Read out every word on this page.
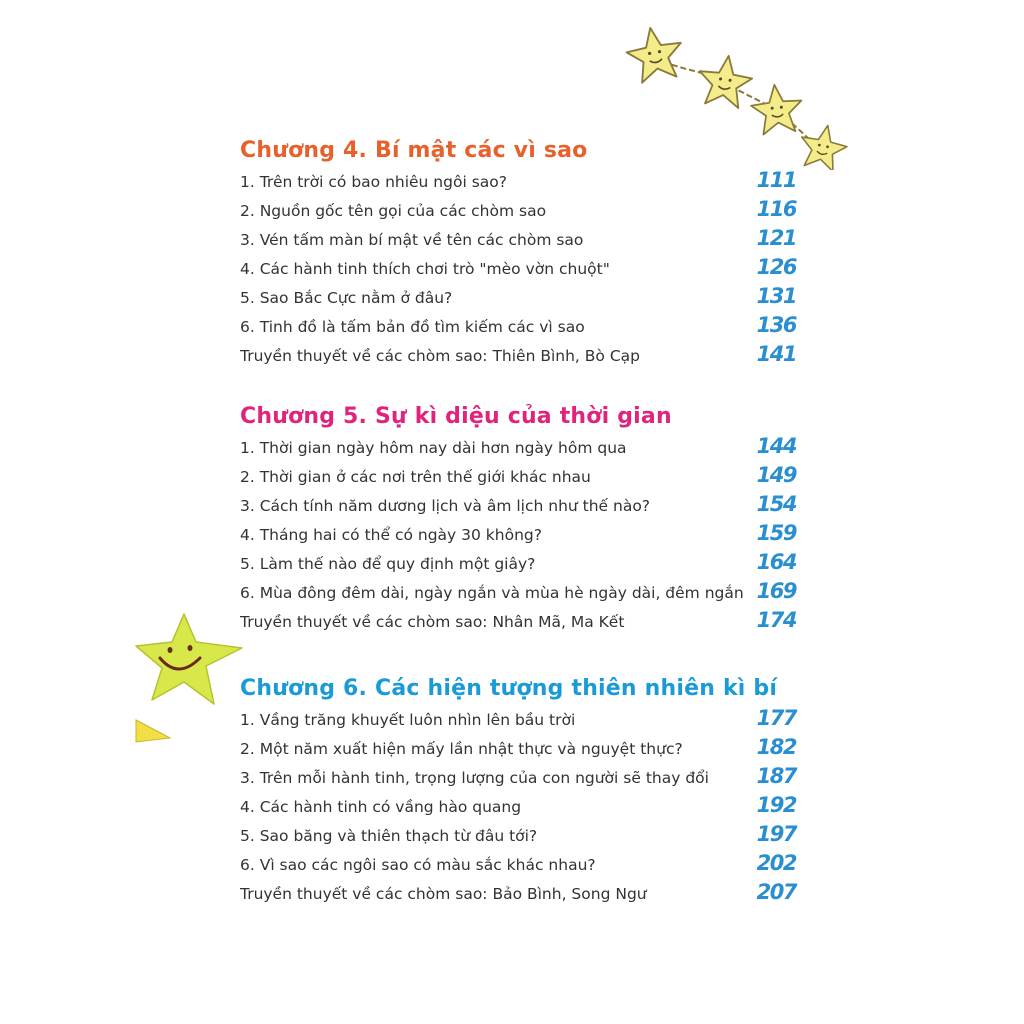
Chương 4. Bí mật các vì sao
1. Trên trời có bao nhiêu ngôi sao?	111
2. Nguồn gốc tên gọi của các chòm sao	116
3. Vén tấm màn bí mật về tên các chòm sao	121
4. Các hành tinh thích chơi trò "mèo vờn chuột"	126
5. Sao Bắc Cực nằm ở đâu?	131
6. Tinh đồ là tấm bản đồ tìm kiếm các vì sao	136
Truyền thuyết về các chòm sao: Thiên Bình, Bò Cạp	141
Chương 5. Sự kì diệu của thời gian
1. Thời gian ngày hôm nay dài hơn ngày hôm qua	144
2. Thời gian ở các nơi trên thế giới khác nhau	149
3. Cách tính năm dương lịch và âm lịch như thế nào?	154
4. Tháng hai có thể có ngày 30 không?	159
5. Làm thế nào để quy định một giây?	164
6. Mùa đông đêm dài, ngày ngắn và mùa hè ngày dài, đêm ngắn 169
Truyền thuyết về các chòm sao: Nhân Mã, Ma Kết	174
Chương 6. Các hiện tượng thiên nhiên kì bí
1. Vầng trăng khuyết luôn nhìn lên bầu trời	177
2. Một năm xuất hiện mấy lần nhật thực và nguyệt thực?	182
3. Trên mỗi hành tinh, trọng lượng của con người sẽ thay đổi 187
4. Các hành tinh có vầng hào quang	192
5. Sao băng và thiên thạch từ đâu tới?	197
6. Vì sao các ngôi sao có màu sắc khác nhau?	202
Truyền thuyết về các chòm sao: Bảo Bình, Song Ngư	207
